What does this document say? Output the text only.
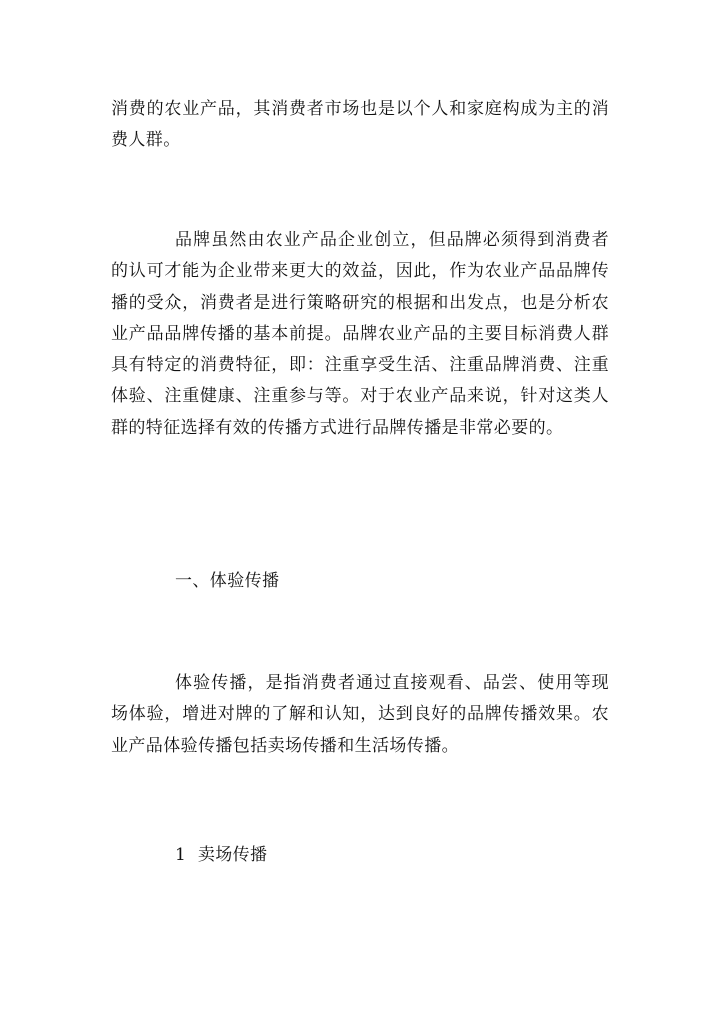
消费的农业产品，其消费者市场也是以个人和家庭构成为主的消费人群。

品牌虽然由农业产品企业创立，但品牌必须得到消费者的认可才能为企业带来更大的效益，因此，作为农业产品品牌传播的受众，消费者是进行策略研究的根据和出发点，也是分析农业产品品牌传播的基本前提。品牌农业产品的主要目标消费人群具有特定的消费特征，即：注重享受生活、注重品牌消费、注重体验、注重健康、注重参与等。对于农业产品来说，针对这类人群的特征选择有效的传播方式进行品牌传播是非常必要的。

一、体验传播

体验传播，是指消费者通过直接观看、品尝、使用等现场体验，增进对牌的了解和认知，达到良好的品牌传播效果。农业产品体验传播包括卖场传播和生活场传播。

1  卖场传播
